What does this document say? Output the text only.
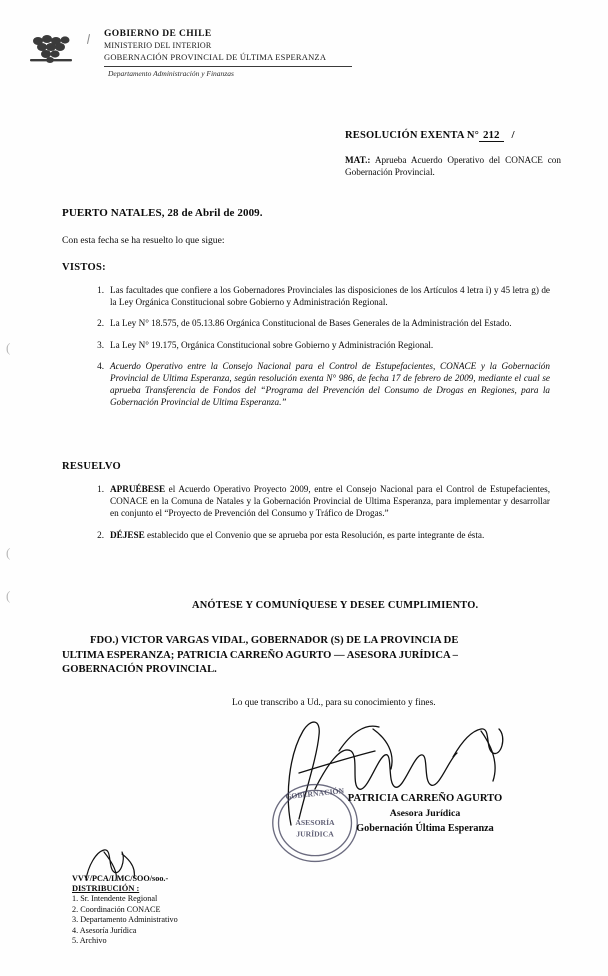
GOBIERNO DE CHILE
MINISTERIO DEL INTERIOR
GOBERNACIÓN PROVINCIAL DE ÚLTIMA ESPERANZA
Departamento Administración y Finanzas
RESOLUCIÓN EXENTA N° 212 /
MAT.: Aprueba Acuerdo Operativo del CONACE con Gobernación Provincial.
PUERTO NATALES, 28 de Abril de 2009.
Con esta fecha se ha resuelto lo que sigue:
VISTOS:
1. Las facultades que confiere a los Gobernadores Provinciales las disposiciones de los Artículos 4 letra i) y 45 letra g) de la Ley Orgánica Constitucional sobre Gobierno y Administración Regional.
2. La Ley N° 18.575, de 05.13.86 Orgánica Constitucional de Bases Generales de la Administración del Estado.
3. La Ley N° 19.175, Orgánica Constitucional sobre Gobierno y Administración Regional.
4. Acuerdo Operativo entre la Consejo Nacional para el Control de Estupefacientes, CONACE y la Gobernación Provincial de Ultima Esperanza, según resolución exenta N° 986, de fecha 17 de febrero de 2009, mediante el cual se aprueba Transferencia de Fondos del “Programa del Prevención del Consumo de Drogas en Regiones, para la Gobernación Provincial de Ultima Esperanza.”
RESUELVO
1. APRUÉBESE el Acuerdo Operativo Proyecto 2009, entre el Consejo Nacional para el Control de Estupefacientes, CONACE en la Comuna de Natales y la Gobernación Provincial de Ultima Esperanza, para implementar y desarrollar en conjunto el “Proyecto de Prevención del Consumo y Tráfico de Drogas.”
2. DÉJESE establecido que el Convenio que se aprueba por esta Resolución, es parte integrante de ésta.
ANÓTESE Y COMUNÍQUESE Y DESEE CUMPLIMIENTO.
FDO.) VICTOR VARGAS VIDAL, GOBERNADOR (S) DE LA PROVINCIA DE
ULTIMA ESPERANZA; PATRICIA CARREÑO AGURTO — ASESORA JURÍDICA –
GOBERNACIÓN PROVINCIAL.
Lo que transcribo a Ud., para su conocimiento y fines.
GOBERNACIÓN
ASESORÍA
JURÍDICA
PATRICIA CARREÑO AGURTO
Asesora Jurídica
Gobernación Última Esperanza
VVV/PCA/LMC/SOO/soo.-
DISTRIBUCIÓN :
1. Sr. Intendente Regional
2. Coordinación CONACE
3. Departamento Administrativo
4. Asesoría Jurídica
5. Archivo
(
(
(
